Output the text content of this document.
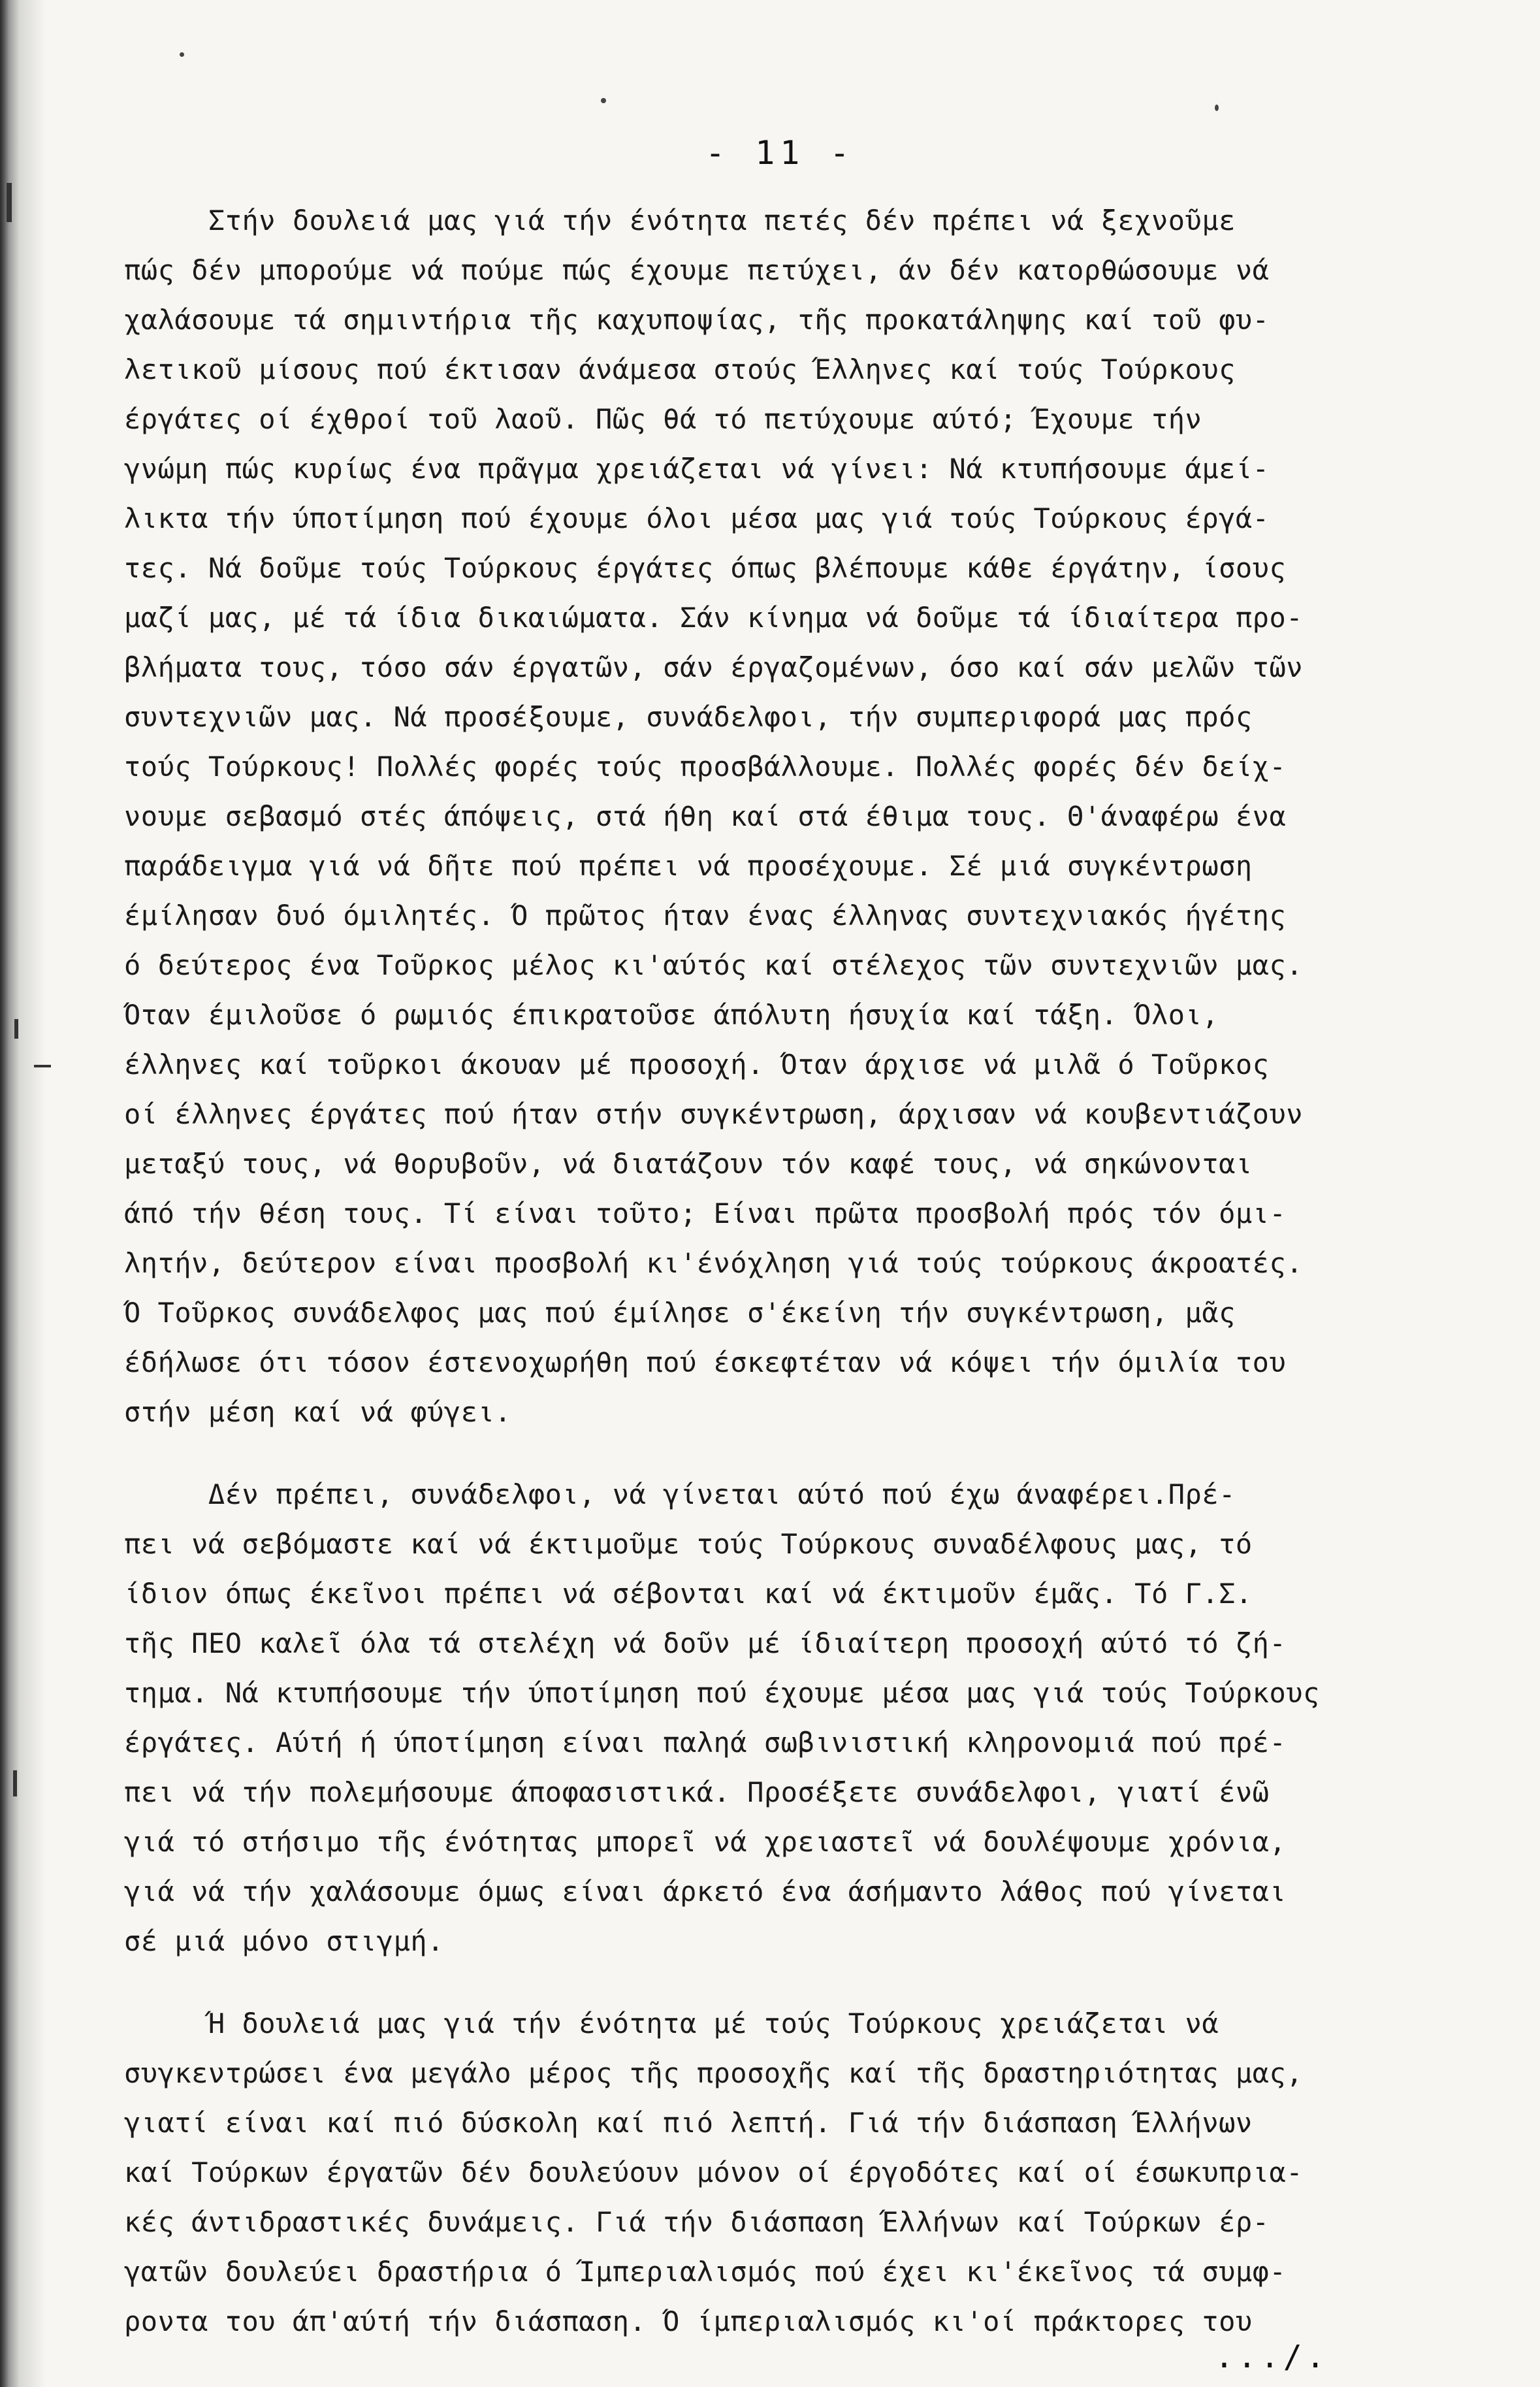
- 11 -
Στήν δουλειά μας γιά τήν ένότητα πετές δέν πρέπει νά ξεχνοῦμε
πώς δέν μπορούμε νά πούμε πώς έχουμε πετύχει, άν δέν κατορθώσουμε νά
χαλάσουμε τά σημιντήρια τῆς καχυποψίας, τῆς προκατάληψης καί τοῦ φυ-
λετικοῦ μίσους πού έκτισαν άνάμεσα στούς Έλληνες καί τούς Τούρκους
έργάτες οί έχθροί τοῦ λαοῦ. Πῶς θά τό πετύχουμε αύτό; Έχουμε τήν
γνώμη πώς κυρίως ένα πρᾶγμα χρειάζεται νά γίνει: Νά κτυπήσουμε άμεί-
λικτα τήν ύποτίμηση πού έχουμε όλοι μέσα μας γιά τούς Τούρκους έργά-
τες. Νά δοῦμε τούς Τούρκους έργάτες όπως βλέπουμε κάθε έργάτην, ίσους
μαζί μας, μέ τά ίδια δικαιώματα. Σάν κίνημα νά δοῦμε τά ίδιαίτερα προ-
βλήματα τους, τόσο σάν έργατῶν, σάν έργαζομένων, όσο καί σάν μελῶν τῶν
συντεχνιῶν μας. Νά προσέξουμε, συνάδελφοι, τήν συμπεριφορά μας πρός
τούς Τούρκους! Πολλές φορές τούς προσβάλλουμε. Πολλές φορές δέν δείχ-
νουμε σεβασμό στές άπόψεις, στά ήθη καί στά έθιμα τους. Θ'άναφέρω ένα
παράδειγμα γιά νά δῆτε πού πρέπει νά προσέχουμε. Σέ μιά συγκέντρωση
έμίλησαν δυό όμιλητές. Ό πρῶτος ήταν ένας έλληνας συντεχνιακός ήγέτης
ό δεύτερος ένα Τοῦρκος μέλος κι'αύτός καί στέλεχος τῶν συντεχνιῶν μας.
Όταν έμιλοῦσε ό ρωμιός έπικρατοῦσε άπόλυτη ήσυχία καί τάξη. Όλοι,
έλληνες καί τοῦρκοι άκουαν μέ προσοχή. Όταν άρχισε νά μιλᾶ ό Τοῦρκος
οί έλληνες έργάτες πού ήταν στήν συγκέντρωση, άρχισαν νά κουβεντιάζουν
μεταξύ τους, νά θορυβοῦν, νά διατάζουν τόν καφέ τους, νά σηκώνονται
άπό τήν θέση τους. Τί είναι τοῦτο; Είναι πρῶτα προσβολή πρός τόν όμι-
λητήν, δεύτερον είναι προσβολή κι'ένόχληση γιά τούς τούρκους άκροατές.
Ό Τοῦρκος συνάδελφος μας πού έμίλησε σ'έκείνη τήν συγκέντρωση, μᾶς
έδήλωσε ότι τόσον έστενοχωρήθη πού έσκεφτέταν νά κόψει τήν όμιλία του
στήν μέση καί νά φύγει.
Δέν πρέπει, συνάδελφοι, νά γίνεται αύτό πού έχω άναφέρει.Πρέ-
πει νά σεβόμαστε καί νά έκτιμοῦμε τούς Τούρκους συναδέλφους μας, τό
ίδιον όπως έκεῖνοι πρέπει νά σέβονται καί νά έκτιμοῦν έμᾶς. Τό Γ.Σ.
τῆς ΠΕΟ καλεῖ όλα τά στελέχη νά δοῦν μέ ίδιαίτερη προσοχή αύτό τό ζή-
τημα. Νά κτυπήσουμε τήν ύποτίμηση πού έχουμε μέσα μας γιά τούς Τούρκους
έργάτες. Αύτή ή ύποτίμηση είναι παληά σωβινιστική κληρονομιά πού πρέ-
πει νά τήν πολεμήσουμε άποφασιστικά. Προσέξετε συνάδελφοι, γιατί ένῶ
γιά τό στήσιμο τῆς ένότητας μπορεῖ νά χρειαστεῖ νά δουλέψουμε χρόνια,
γιά νά τήν χαλάσουμε όμως είναι άρκετό ένα άσήμαντο λάθος πού γίνεται
σέ μιά μόνο στιγμή.
Ή δουλειά μας γιά τήν ένότητα μέ τούς Τούρκους χρειάζεται νά
συγκεντρώσει ένα μεγάλο μέρος τῆς προσοχῆς καί τῆς δραστηριότητας μας,
γιατί είναι καί πιό δύσκολη καί πιό λεπτή. Γιά τήν διάσπαση Έλλήνων
καί Τούρκων έργατῶν δέν δουλεύουν μόνον οί έργοδότες καί οί έσωκυπρια-
κές άντιδραστικές δυνάμεις. Γιά τήν διάσπαση Έλλήνων καί Τούρκων έρ-
γατῶν δουλεύει δραστήρια ό Ίμπεριαλισμός πού έχει κι'έκεῖνος τά συμφ-
ροντα του άπ'αύτή τήν διάσπαση. Ό ίμπεριαλισμός κι'οί πράκτορες του
.../.
